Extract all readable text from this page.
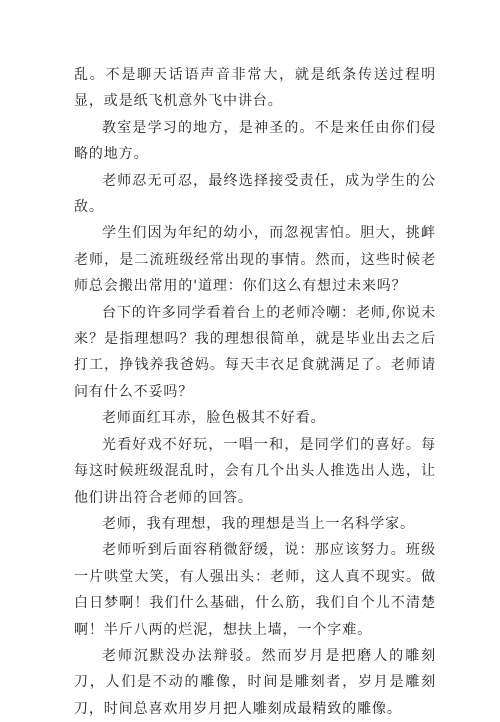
乱。不是聊天话语声音非常大，就是纸条传送过程明显，或是纸飞机意外飞中讲台。

教室是学习的地方，是神圣的。不是来任由你们侵略的地方。

老师忍无可忍，最终选择接受责任，成为学生的公敌。

学生们因为年纪的幼小，而忽视害怕。胆大，挑衅老师，是二流班级经常出现的事情。然而，这些时候老师总会搬出常用的'道理：你们这么有想过未来吗？

台下的许多同学看着台上的老师冷嘲：老师,你说未来？是指理想吗？我的理想很简单，就是毕业出去之后打工，挣钱养我爸妈。每天丰衣足食就满足了。老师请问有什么不妥吗？

老师面红耳赤，脸色极其不好看。

光看好戏不好玩，一唱一和，是同学们的喜好。每每这时候班级混乱时，会有几个出头人推选出人选，让他们讲出符合老师的回答。

老师，我有理想，我的理想是当上一名科学家。

老师听到后面容稍微舒缓，说：那应该努力。班级一片哄堂大笑，有人强出头：老师，这人真不现实。做白日梦啊！我们什么基础，什么筋，我们自个儿不清楚啊！半斤八两的烂泥，想扶上墙，一个字难。

老师沉默没办法辩驳。然而岁月是把磨人的雕刻刀，人们是不动的雕像，时间是雕刻者，岁月是雕刻刀，时间总喜欢用岁月把人雕刻成最精致的雕像。
